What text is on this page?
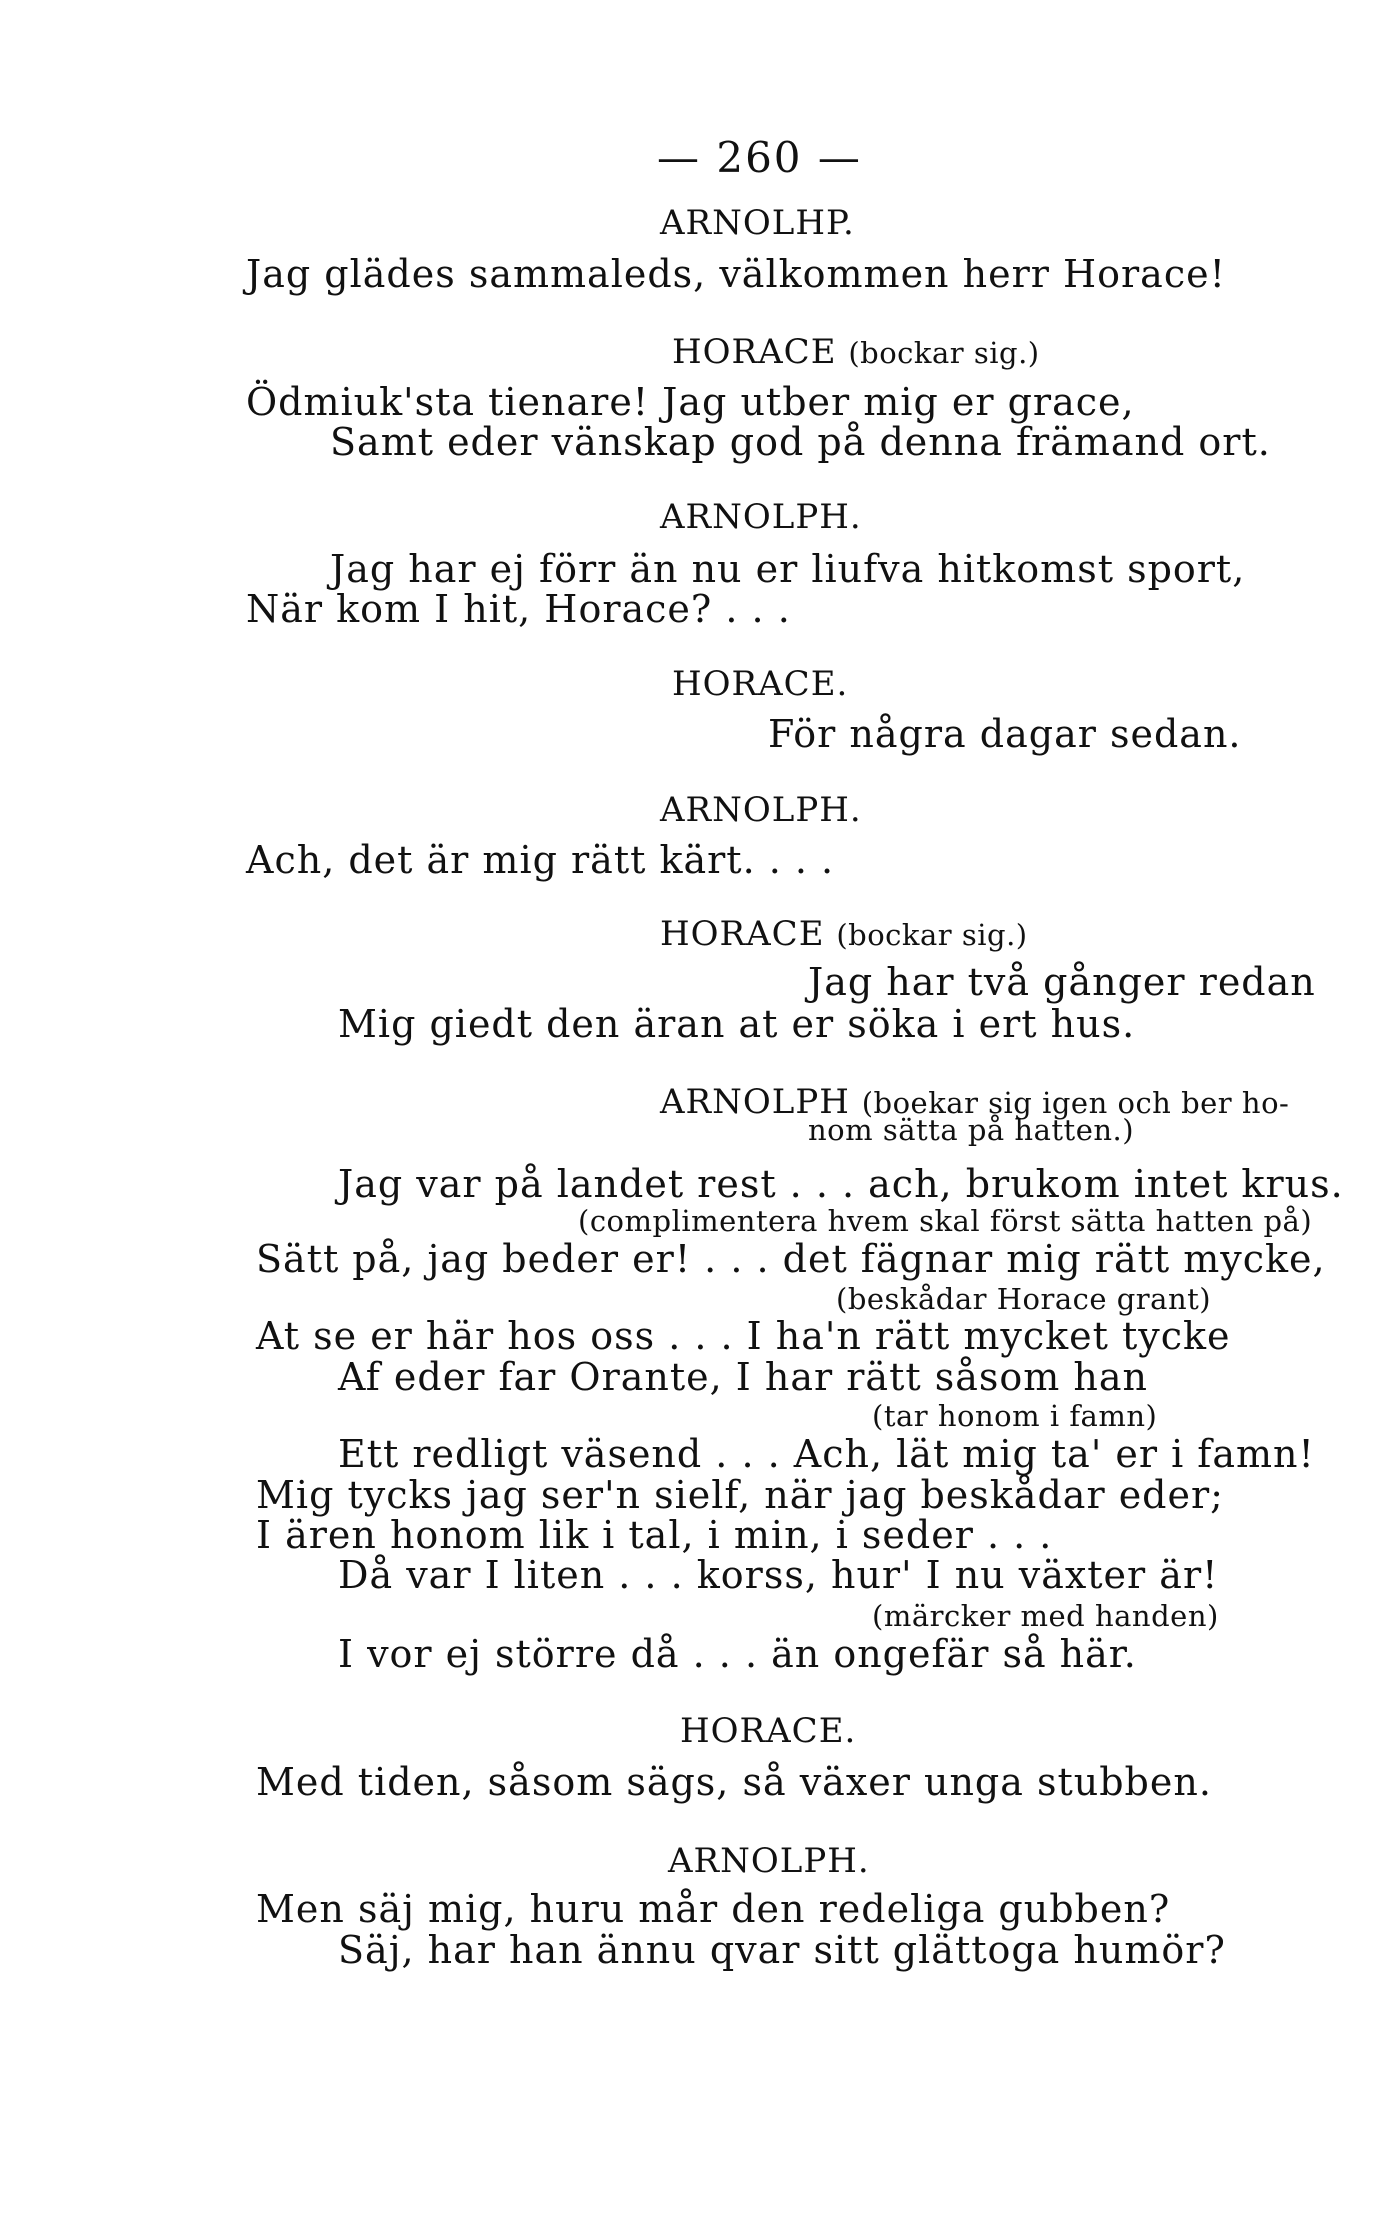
— 260 —
ARNOLHP.
Jag glädes sammaleds, välkommen herr Horace!
HORACE (bockar sig.)
Ödmiuk'sta tienare! Jag utber mig er grace,
Samt eder vänskap god på denna främand ort.
ARNOLPH.
Jag har ej förr än nu er liufva hitkomst sport,
När kom I hit, Horace? . . .
HORACE.
För några dagar sedan.
ARNOLPH.
Ach, det är mig rätt kärt. . . .
HORACE (bockar sig.)
Jag har två gånger redan
Mig giedt den äran at er söka i ert hus.
ARNOLPH (boekar sig igen och ber ho-
nom sätta på hatten.)
Jag var på landet rest . . . ach, brukom intet krus.
(complimentera hvem skal först sätta hatten på)
Sätt på, jag beder er! . . . det fägnar mig rätt mycke,
(beskådar Horace grant)
At se er här hos oss . . . I ha'n rätt mycket tycke
Af eder far Orante, I har rätt såsom han
(tar honom i famn)
Ett redligt väsend . . . Ach, lät mig ta' er i famn!
Mig tycks jag ser'n sielf, när jag beskådar eder;
I ären honom lik i tal, i min, i seder . . .
Då var I liten . . . korss, hur' I nu växter är!
(märcker med handen)
I vor ej större då . . . än ongefär så här.
HORACE.
Med tiden, såsom sägs, så växer unga stubben.
ARNOLPH.
Men säj mig, huru mår den redeliga gubben?
Säj, har han ännu qvar sitt glättoga humör?
